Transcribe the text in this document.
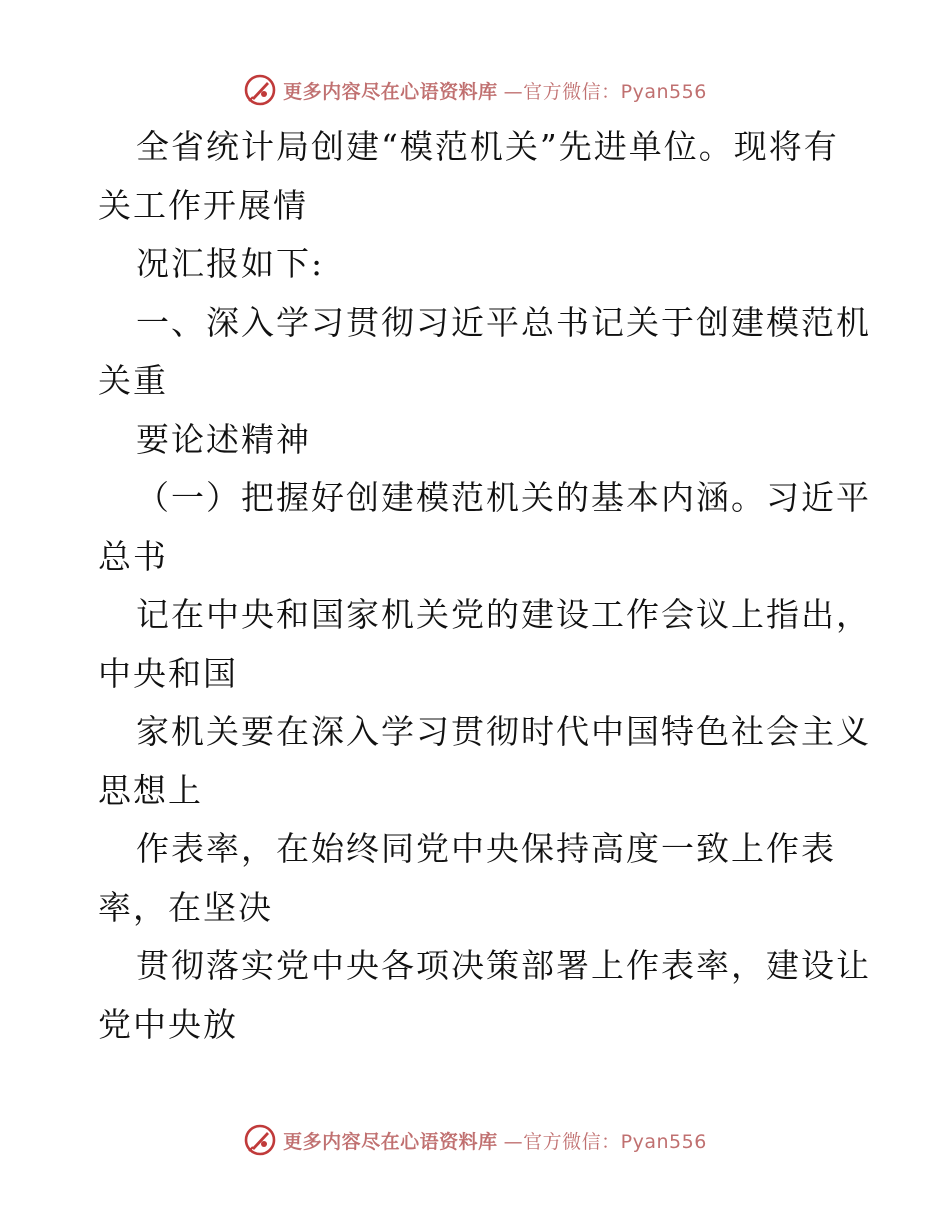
更多内容尽在心语资料库 —官方微信：Pyan556
全省统计局创建“模范机关”先进单位。现将有
关工作开展情
况汇报如下:
一、深入学习贯彻习近平总书记关于创建模范机
关重
要论述精神
（一）把握好创建模范机关的基本内涵。习近平
总书
记在中央和国家机关党的建设工作会议上指出，
中央和国
家机关要在深入学习贯彻时代中国特色社会主义
思想上
作表率，在始终同党中央保持高度一致上作表
率，在坚决
贯彻落实党中央各项决策部署上作表率，建设让
党中央放
更多内容尽在心语资料库 —官方微信：Pyan556
